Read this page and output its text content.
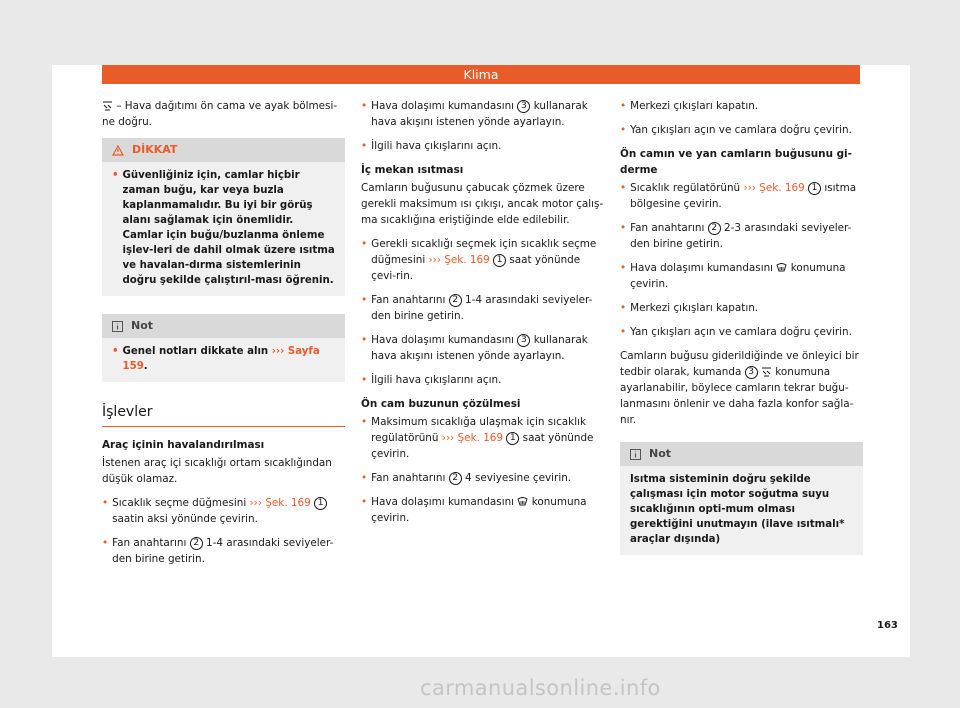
Klima

– Hava dağıtımı ön cama ve ayak bölmesi-ne doğru.

DİKKAT
• Güvenliğiniz için, camlar hiçbir zaman buğu, kar veya buzla kaplanmamalıdır. Bu iyi bir görüş alanı sağlamak için önemlidir. Camlar için buğu/buzlanma önleme işlev-leri de dahil olmak üzere ısıtma ve havalan-dırma sistemlerinin doğru şekilde çalıştırıl-ması öğrenin.
Not
• Genel notları dikkate alın ››› Sayfa 159.
İşlevler
Araç içinin havalandırılması

İstenen araç içi sıcaklığı ortam sıcaklığından düşük olamaz.

• Sıcaklık seçme düğmesini ››› Şek. 169 1 saatin aksi yönünde çevirin.
• Fan anahtarını 2 1-4 arasındaki seviyeler-den birine getirin.
• Hava dolaşımı kumandasını 3 kullanarak hava akışını istenen yönde ayarlayın.
• İlgili hava çıkışlarını açın.
İç mekan ısıtması

Camların buğusunu çabucak çözmek üzere gerekli maksimum ısı çıkışı, ancak motor çalış-ma sıcaklığına eriştiğinde elde edilebilir.

• Gerekli sıcaklığı seçmek için sıcaklık seçme düğmesini ››› Şek. 169 1 saat yönünde çevi-rin.
• Fan anahtarını 2 1-4 arasındaki seviyeler-den birine getirin.
• Hava dolaşımı kumandasını 3 kullanarak hava akışını istenen yönde ayarlayın.
• İlgili hava çıkışlarını açın.
Ön cam buzunun çözülmesi
• Maksimum sıcaklığa ulaşmak için sıcaklık regülatörünü ››› Şek. 169 1 saat yönünde çevirin.
• Fan anahtarını 2 4 seviyesine çevirin.
• Hava dolaşımı kumandasını konumuna çevirin.
• Merkezi çıkışları kapatın.
• Yan çıkışları açın ve camlara doğru çevirin.
Ön camın ve yan camların buğusunu gi-derme
• Sıcaklık regülatörünü ››› Şek. 169 1 ısıtma bölgesine çevirin.
• Fan anahtarını 2 2-3 arasındaki seviyeler-den birine getirin.
• Hava dolaşımı kumandasını konumuna çevirin.
• Merkezi çıkışları kapatın.
• Yan çıkışları açın ve camlara doğru çevirin.

Camların buğusu giderildiğinde ve önleyici bir tedbir olarak, kumanda 3 konumuna ayarlanabilir, böylece camların tekrar buğu-lanmasını önlenir ve daha fazla konfor sağla-nır.

Not
Isıtma sisteminin doğru şekilde çalışması için motor soğutma suyu sıcaklığının opti-mum olması gerektiğini unutmayın (ilave ısıtmalı* araçlar dışında)
163
carmanualsonline.info
